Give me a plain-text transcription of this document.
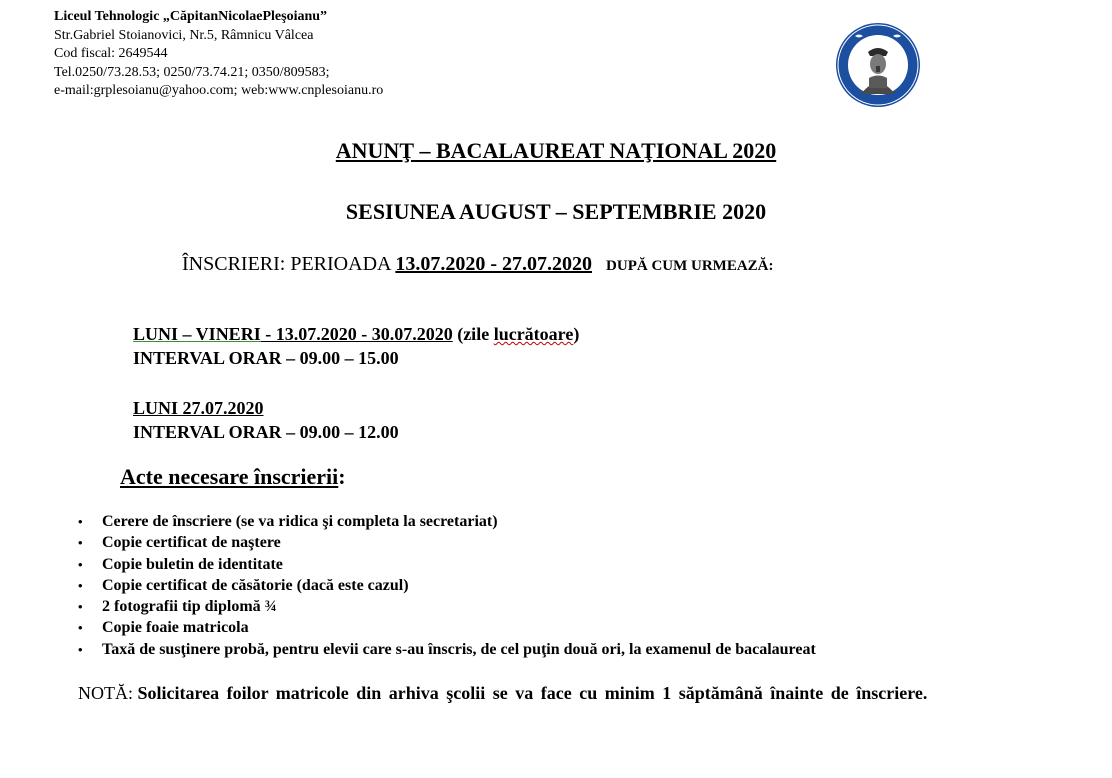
Liceul Tehnologic „CăpitanNicolaePleşoianu”
Str.Gabriel Stoianovici, Nr.5, Râmnicu Vâlcea
Cod fiscal: 2649544
Tel.0250/73.28.53; 0250/73.74.21; 0350/809583;
e-mail:grplesoianu@yahoo.com; web:www.cnplesoianu.ro
ANUNŢ – BACALAUREAT NAŢIONAL 2020
SESIUNEA AUGUST – SEPTEMBRIE 2020
ÎNSCRIERI: PERIOADA 13.07.2020 - 27.07.2020 DUPĂ CUM URMEAZĂ:
LUNI – VINERI - 13.07.2020 - 30.07.2020 (zile lucrătoare)
INTERVAL ORAR – 09.00 – 15.00
LUNI 27.07.2020
INTERVAL ORAR – 09.00 – 12.00
Acte necesare înscrierii:
• Cerere de înscriere (se va ridica şi completa la secretariat)
• Copie certificat de naştere
• Copie buletin de identitate
• Copie certificat de căsătorie (dacă este cazul)
• 2 fotografii tip diplomă ¾
• Copie foaie matricola
• Taxă de susţinere probă, pentru elevii care s-au înscris, de cel puţin două ori, la examenul de bacalaureat
NOTĂ: Solicitarea foilor matricole din arhiva şcolii se va face cu minim 1 săptămână înainte de înscriere.
